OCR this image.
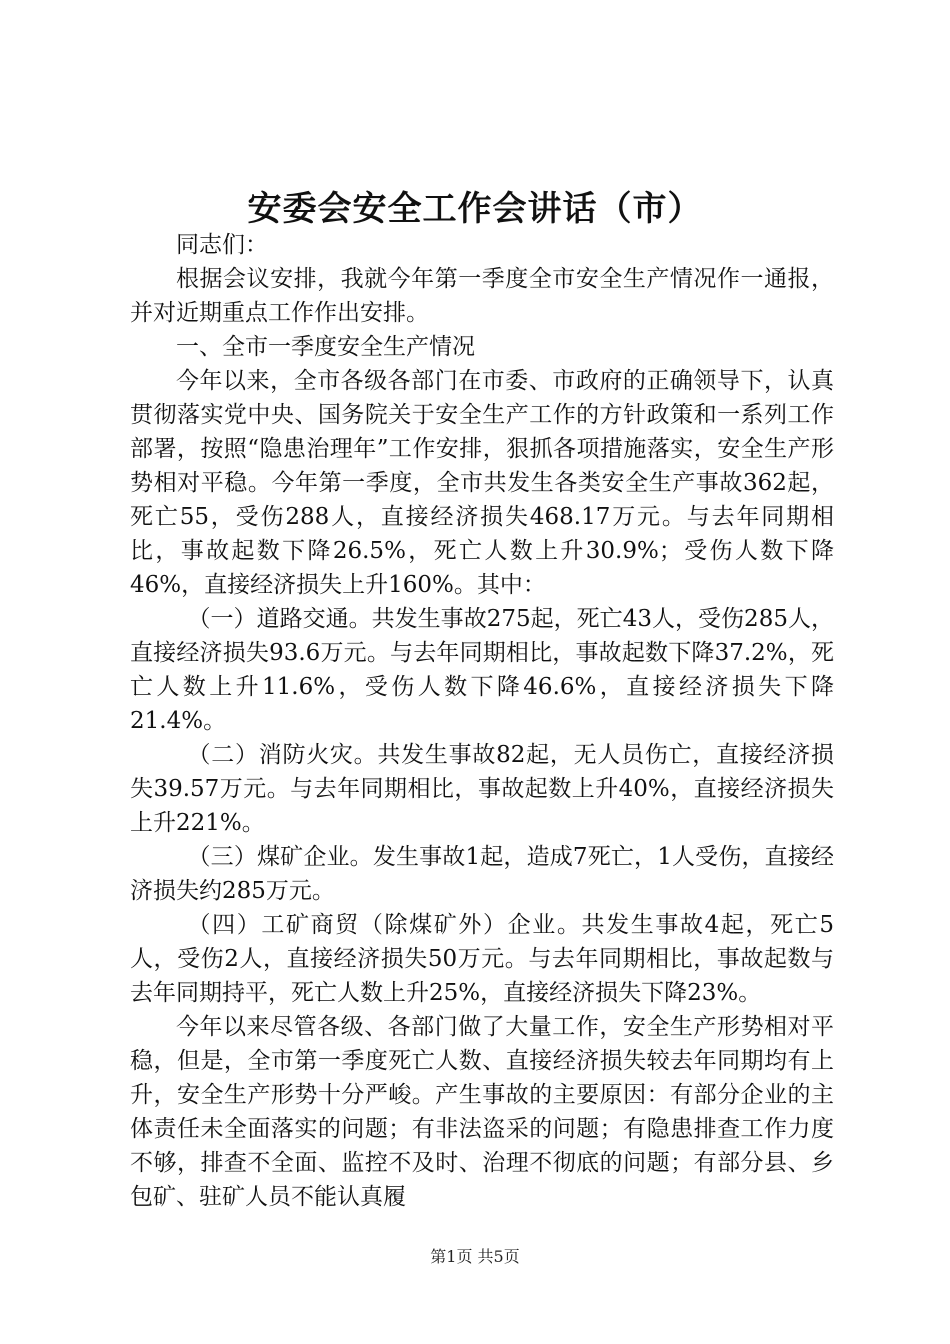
安委会安全工作会讲话（市）

同志们：

根据会议安排，我就今年第一季度全市安全生产情况作一通报，并对近期重点工作作出安排。

一、全市一季度安全生产情况

今年以来，全市各级各部门在市委、市政府的正确领导下，认真贯彻落实党中央、国务院关于安全生产工作的方针政策和一系列工作部署，按照“隐患治理年”工作安排，狠抓各项措施落实，安全生产形势相对平稳。今年第一季度，全市共发生各类安全生产事故362起，死亡55，受伤288人，直接经济损失468.17万元。与去年同期相比，事故起数下降26.5%，死亡人数上升30.9%；受伤人数下降46%，直接经济损失上升160%。其中：

（一）道路交通。共发生事故275起，死亡43人，受伤285人，直接经济损失93.6万元。与去年同期相比，事故起数下降37.2%，死亡人数上升11.6%，受伤人数下降46.6%，直接经济损失下降21.4%。

（二）消防火灾。共发生事故82起，无人员伤亡，直接经济损失39.57万元。与去年同期相比，事故起数上升40%，直接经济损失上升221%。

（三）煤矿企业。发生事故1起，造成7死亡，1人受伤，直接经济损失约285万元。

（四）工矿商贸（除煤矿外）企业。共发生事故4起，死亡5人，受伤2人，直接经济损失50万元。与去年同期相比，事故起数与去年同期持平，死亡人数上升25%，直接经济损失下降23%。

今年以来尽管各级、各部门做了大量工作，安全生产形势相对平稳，但是，全市第一季度死亡人数、直接经济损失较去年同期均有上升，安全生产形势十分严峻。产生事故的主要原因：有部分企业的主体责任未全面落实的问题；有非法盗采的问题；有隐患排查工作力度不够，排查不全面、监控不及时、治理不彻底的问题；有部分县、乡包矿、驻矿人员不能认真履

第1页 共5页
